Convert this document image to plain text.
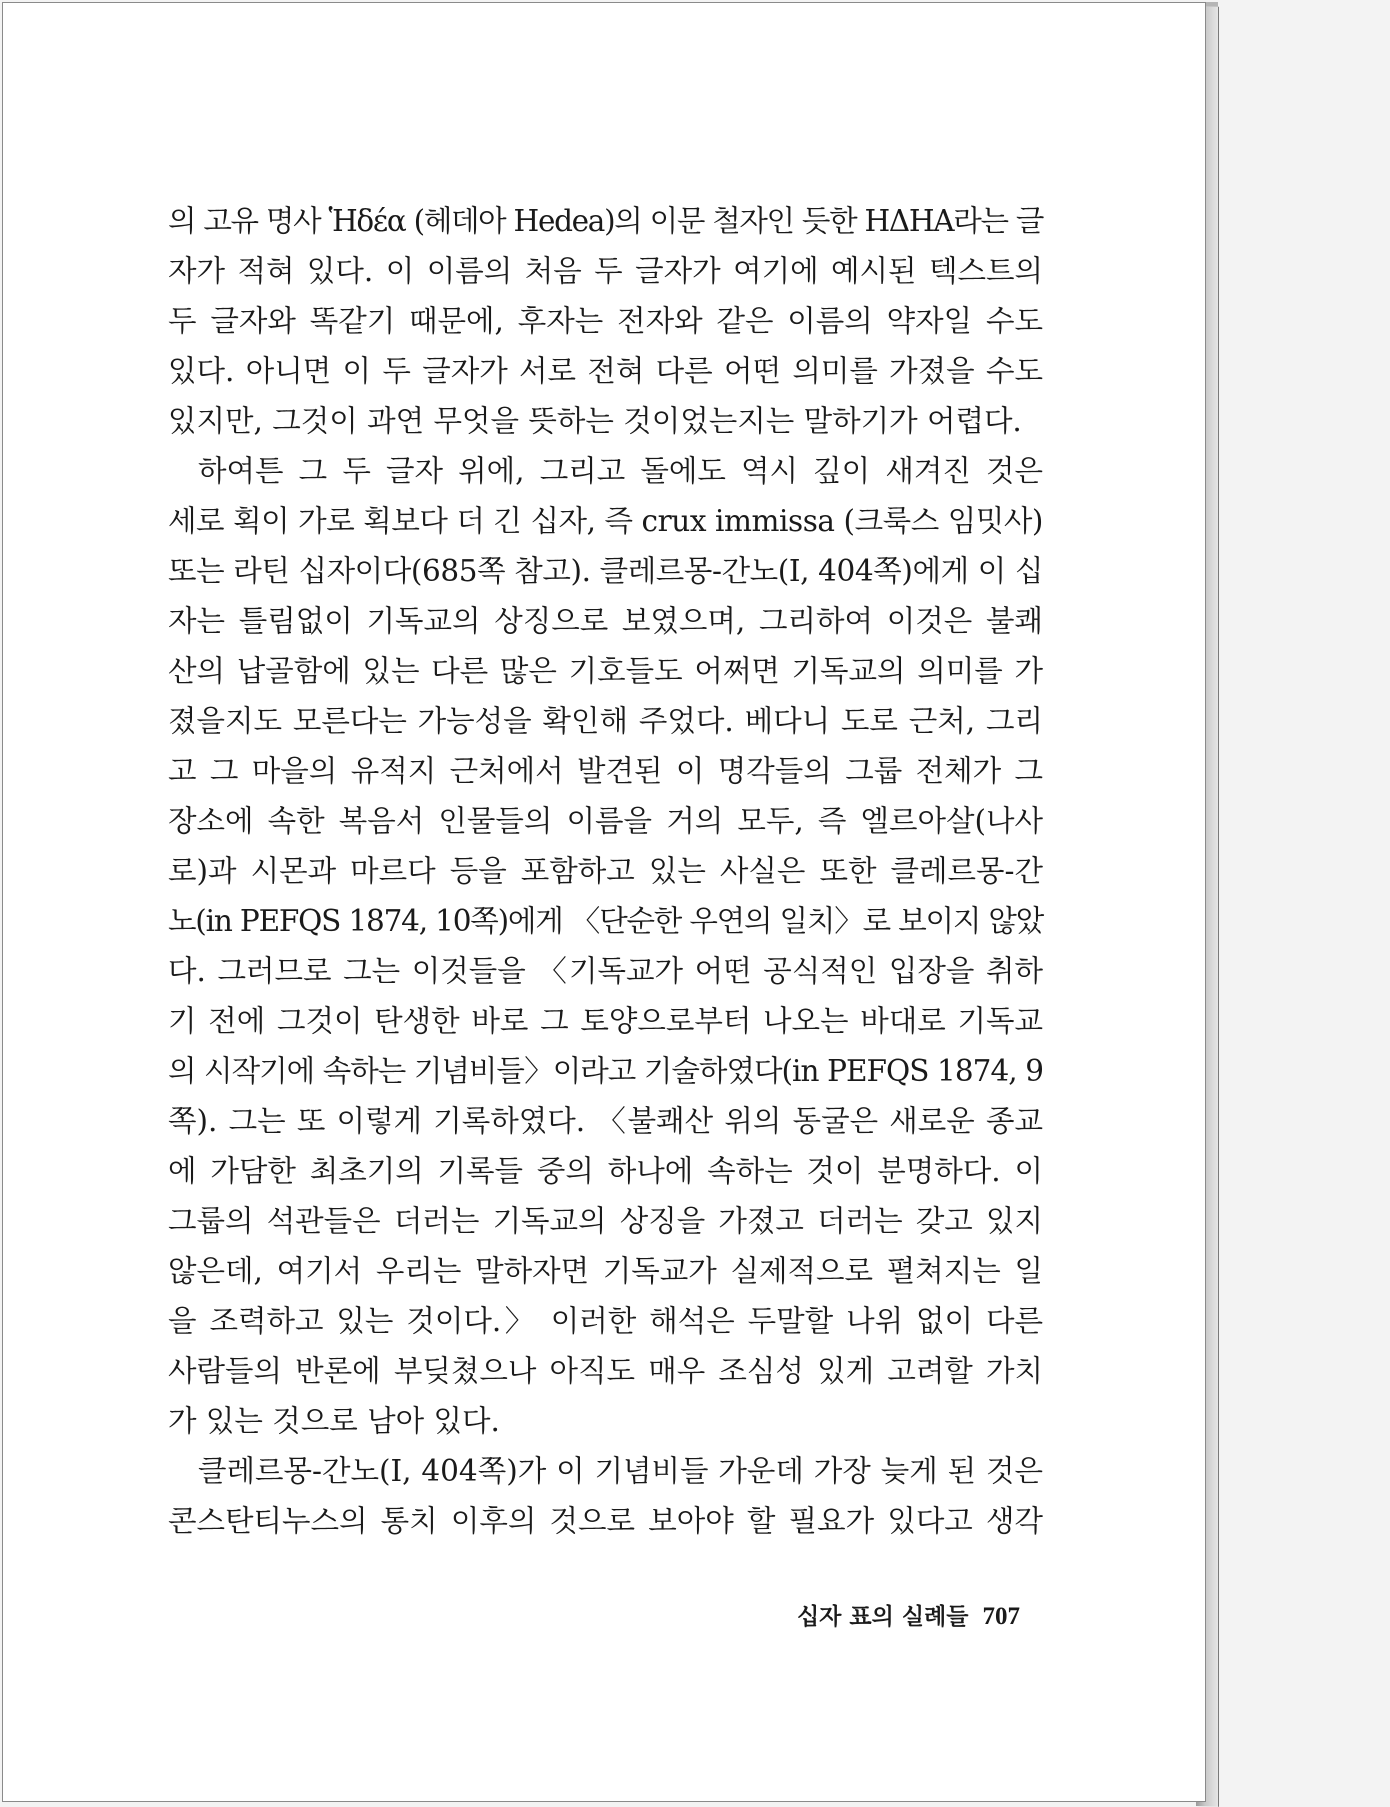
의 고유 명사 Ἡδέα (헤데아 Hedea)의 이문 철자인 듯한 ΗΔΗΑ라는 글
자가 적혀 있다. 이 이름의 처음 두 글자가 여기에 예시된 텍스트의
두 글자와 똑같기 때문에, 후자는 전자와 같은 이름의 약자일 수도
있다. 아니면 이 두 글자가 서로 전혀 다른 어떤 의미를 가졌을 수도
있지만, 그것이 과연 무엇을 뜻하는 것이었는지는 말하기가 어렵다.
하여튼 그 두 글자 위에, 그리고 돌에도 역시 깊이 새겨진 것은
세로 획이 가로 획보다 더 긴 십자, 즉 crux immissa (크룩스 임밋사)
또는 라틴 십자이다(685쪽 참고). 클레르몽-간노(I, 404쪽)에게 이 십
자는 틀림없이 기독교의 상징으로 보였으며, 그리하여 이것은 불쾌
산의 납골함에 있는 다른 많은 기호들도 어쩌면 기독교의 의미를 가
졌을지도 모른다는 가능성을 확인해 주었다. 베다니 도로 근처, 그리
고 그 마을의 유적지 근처에서 발견된 이 명각들의 그룹 전체가 그
장소에 속한 복음서 인물들의 이름을 거의 모두, 즉 엘르아살(나사
로)과 시몬과 마르다 등을 포함하고 있는 사실은 또한 클레르몽-간
노(in PEFQS 1874, 10쪽)에게 〈단순한 우연의 일치〉로 보이지 않았
다. 그러므로 그는 이것들을 〈기독교가 어떤 공식적인 입장을 취하
기 전에 그것이 탄생한 바로 그 토양으로부터 나오는 바대로 기독교
의 시작기에 속하는 기념비들〉이라고 기술하였다(in PEFQS 1874, 9
쪽). 그는 또 이렇게 기록하였다. 〈불쾌산 위의 동굴은 새로운 종교
에 가담한 최초기의 기록들 중의 하나에 속하는 것이 분명하다. 이
그룹의 석관들은 더러는 기독교의 상징을 가졌고 더러는 갖고 있지
않은데, 여기서 우리는 말하자면 기독교가 실제적으로 펼쳐지는 일
을 조력하고 있는 것이다.〉 이러한 해석은 두말할 나위 없이 다른
사람들의 반론에 부딪쳤으나 아직도 매우 조심성 있게 고려할 가치
가 있는 것으로 남아 있다.
클레르몽-간노(I, 404쪽)가 이 기념비들 가운데 가장 늦게 된 것은
콘스탄티누스의 통치 이후의 것으로 보아야 할 필요가 있다고 생각
십자 표의 실례들 707
